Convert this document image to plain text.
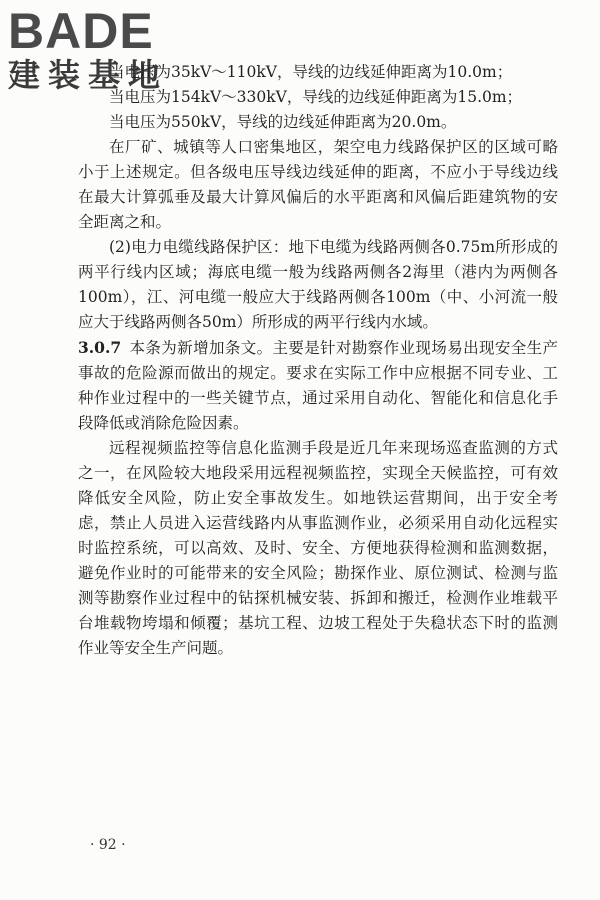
BADE
建装基地

当电压为35kV～110kV，导线的边线延伸距离为10.0m；

当电压为154kV～330kV，导线的边线延伸距离为15.0m；

当电压为550kV，导线的边线延伸距离为20.0m。

在厂矿、城镇等人口密集地区，架空电力线路保护区的区域可略小于上述规定。但各级电压导线边线延伸的距离，不应小于导线边线在最大计算弧垂及最大计算风偏后的水平距离和风偏后距建筑物的安全距离之和。

(2)电力电缆线路保护区：地下电缆为线路两侧各0.75m所形成的两平行线内区域；海底电缆一般为线路两侧各2海里（港内为两侧各100m），江、河电缆一般应大于线路两侧各100m（中、小河流一般应大于线路两侧各50m）所形成的两平行线内水域。

3.0.7 本条为新增加条文。主要是针对勘察作业现场易出现安全生产事故的危险源而做出的规定。要求在实际工作中应根据不同专业、工种作业过程中的一些关键节点，通过采用自动化、智能化和信息化手段降低或消除危险因素。

远程视频监控等信息化监测手段是近几年来现场巡查监测的方式之一，在风险较大地段采用远程视频监控，实现全天候监控，可有效降低安全风险，防止安全事故发生。如地铁运营期间，出于安全考虑，禁止人员进入运营线路内从事监测作业，必须采用自动化远程实时监控系统，可以高效、及时、安全、方便地获得检测和监测数据，避免作业时的可能带来的安全风险；勘探作业、原位测试、检测与监测等勘察作业过程中的钻探机械安装、拆卸和搬迁，检测作业堆载平台堆载物垮塌和倾覆；基坑工程、边坡工程处于失稳状态下时的监测作业等安全生产问题。

· 92 ·
